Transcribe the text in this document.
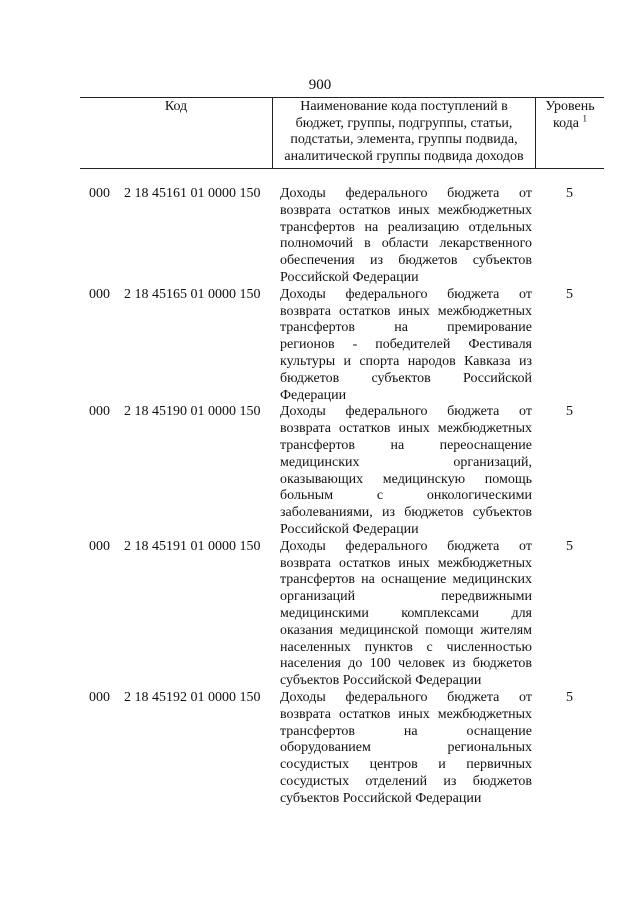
900
Код	Наименование кода поступлений в
бюджет, группы, подгруппы, статьи,
подстатьи, элемента, группы подвида,
аналитической группы подвида доходов
Уровень
кода $^1$
000 2 18 45161 01 0000 150 Доходы федерального бюджета от
возврата остатков иных межбюджетных
трансфертов на реализацию отдельных
полномочий в области лекарственного
обеспечения из бюджетов субъектов
Российской Федерации
5
000 2 18 45165 01 0000 150 Доходы федерального бюджета от
возврата остатков иных межбюджетных
трансфертов на премирование
регионов - победителей Фестиваля
культуры и спорта народов Кавказа из
бюджетов субъектов Российской
Федерации
5
000 2 18 45190 01 0000 150 Доходы федерального бюджета от
возврата остатков иных межбюджетных
трансфертов на переоснащение
медицинских организаций,
оказывающих медицинскую помощь
больным с онкологическими
заболеваниями, из бюджетов субъектов
Российской Федерации
5
000 2 18 45191 01 0000 150 Доходы федерального бюджета от
возврата остатков иных межбюджетных
трансфертов на оснащение медицинских
организаций передвижными
медицинскими комплексами для
оказания медицинской помощи жителям
населенных пунктов с численностью
населения до 100 человек из бюджетов
субъектов Российской Федерации
5
000 2 18 45192 01 0000 150 Доходы федерального бюджета от
возврата остатков иных межбюджетных
трансфертов на оснащение
оборудованием региональных
сосудистых центров и первичных
сосудистых отделений из бюджетов
субъектов Российской Федерации
5
